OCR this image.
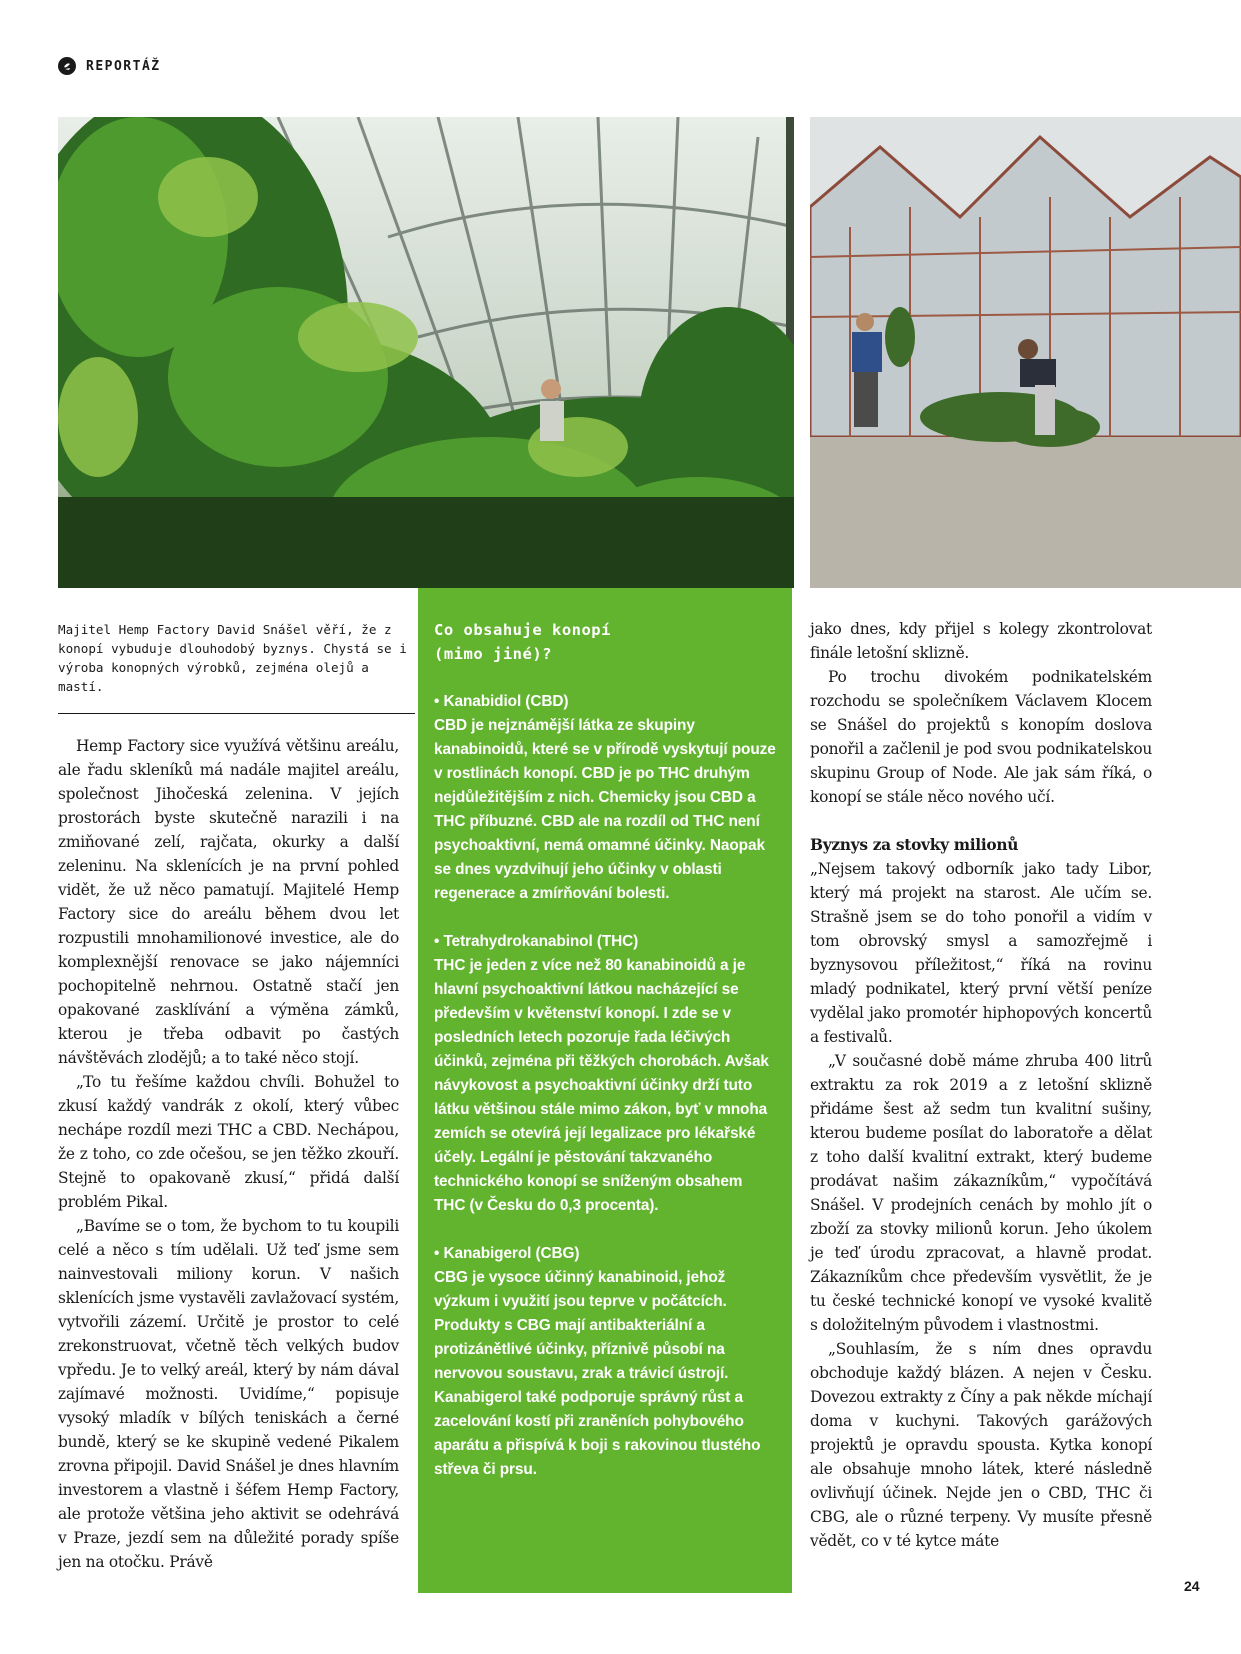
REPORTÁŽ

Majitel Hemp Factory David Snášel věří, že z konopí vybuduje dlouhodobý byznys. Chystá se i výroba konopných výrobků, zejména olejů a mastí.

Hemp Factory sice využívá většinu areálu, ale řadu skleníků má nadále majitel areálu, společnost Jihočeská zelenina. V jejích prostorách byste skutečně narazili i na zmiňované zelí, rajčata, okurky a další zeleninu. Na sklenících je na první pohled vidět, že už něco pamatují. Majitelé Hemp Factory sice do areálu během dvou let rozpustili mnohamilionové investice, ale do komplexnější renovace se jako nájemníci pochopitelně nehrnou. Ostatně stačí jen opakované zasklívání a výměna zámků, kterou je třeba odbavit po častých návštěvách zlodějů; a to také něco stojí.

„To tu řešíme každou chvíli. Bohužel to zkusí každý vandrák z okolí, který vůbec nechápe rozdíl mezi THC a CBD. Nechápou, že z toho, co zde očešou, se jen těžko zkouří. Stejně to opakovaně zkusí,“ přidá další problém Pikal.

„Bavíme se o tom, že bychom to tu koupili celé a něco s tím udělali. Už teď jsme sem nainvestovali miliony korun. V našich sklenících jsme vystavěli zavlažovací systém, vytvořili zázemí. Určitě je prostor to celé zrekonstruovat, včetně těch velkých budov vpředu. Je to velký areál, který by nám dával zajímavé možnosti. Uvidíme,“ popisuje vysoký mladík v bílých teniskách a černé bundě, který se ke skupině vedené Pikalem zrovna připojil. David Snášel je dnes hlavním investorem a vlastně i šéfem Hemp Factory, ale protože většina jeho aktivit se odehrává v Praze, jezdí sem na důležité porady spíše jen na otočku. Právě

Co obsahuje konopí
(mimo jiné)?

• Kanabidiol (CBD)

CBD je nejznámější látka ze skupiny kanabinoidů, které se v přírodě vyskytují pouze v rostlinách konopí. CBD je po THC druhým nejdůležitějším z nich. Chemicky jsou CBD a THC příbuzné. CBD ale na rozdíl od THC není psychoaktivní, nemá omamné účinky. Naopak se dnes vyzdvihují jeho účinky v oblasti regenerace a zmírňování bolesti.

• Tetrahydrokanabinol (THC)

THC je jeden z více než 80 kanabinoidů a je hlavní psychoaktivní látkou nacházející se především v květenství konopí. I zde se v posledních letech pozoruje řada léčivých účinků, zejména při těžkých chorobách. Avšak návykovost a psychoaktivní účinky drží tuto látku většinou stále mimo zákon, byť v mnoha zemích se otevírá její legalizace pro lékařské účely. Legální je pěstování takzvaného technického konopí se sníženým obsahem THC (v Česku do 0,3 procenta).

• Kanabigerol (CBG)

CBG je vysoce účinný kanabinoid, jehož výzkum i využití jsou teprve v počátcích. Produkty s CBG mají antibakteriální a protizánětlivé účinky, příznivě působí na nervovou soustavu, zrak a trávicí ústrojí. Kanabigerol také podporuje správný růst a zacelování kostí při zraněních pohybového aparátu a přispívá k boji s rakovinou tlustého střeva či prsu.

jako dnes, kdy přijel s kolegy zkontrolovat finále letošní sklizně.

Po trochu divokém podnikatelském rozchodu se společníkem Václavem Klocem se Snášel do projektů s konopím doslova ponořil a začlenil je pod svou podnikatelskou skupinu Group of Node. Ale jak sám říká, o konopí se stále něco nového učí.

Byznys za stovky milionů

„Nejsem takový odborník jako tady Libor, který má projekt na starost. Ale učím se. Strašně jsem se do toho ponořil a vidím v tom obrovský smysl a samozřejmě i byznysovou příležitost,“ říká na rovinu mladý podnikatel, který první větší peníze vydělal jako promotér hiphopových koncertů a festivalů.

„V současné době máme zhruba 400 litrů extraktu za rok 2019 a z letošní sklizně přidáme šest až sedm tun kvalitní sušiny, kterou budeme posílat do laboratoře a dělat z toho další kvalitní extrakt, který budeme prodávat našim zákazníkům,“ vypočítává Snášel. V prodejních cenách by mohlo jít o zboží za stovky milionů korun. Jeho úkolem je teď úrodu zpracovat, a hlavně prodat. Zákazníkům chce především vysvětlit, že je tu české technické konopí ve vysoké kvalitě s doložitelným původem i vlastnostmi.

„Souhlasím, že s ním dnes opravdu obchoduje každý blázen. A nejen v Česku. Dovezou extrakty z Číny a pak někde míchají doma v kuchyni. Takových garážových projektů je opravdu spousta. Kytka konopí ale obsahuje mnoho látek, které následně ovlivňují účinek. Nejde jen o CBD, THC či CBG, ale o různé terpeny. Vy musíte přesně vědět, co v té kytce máte

24
